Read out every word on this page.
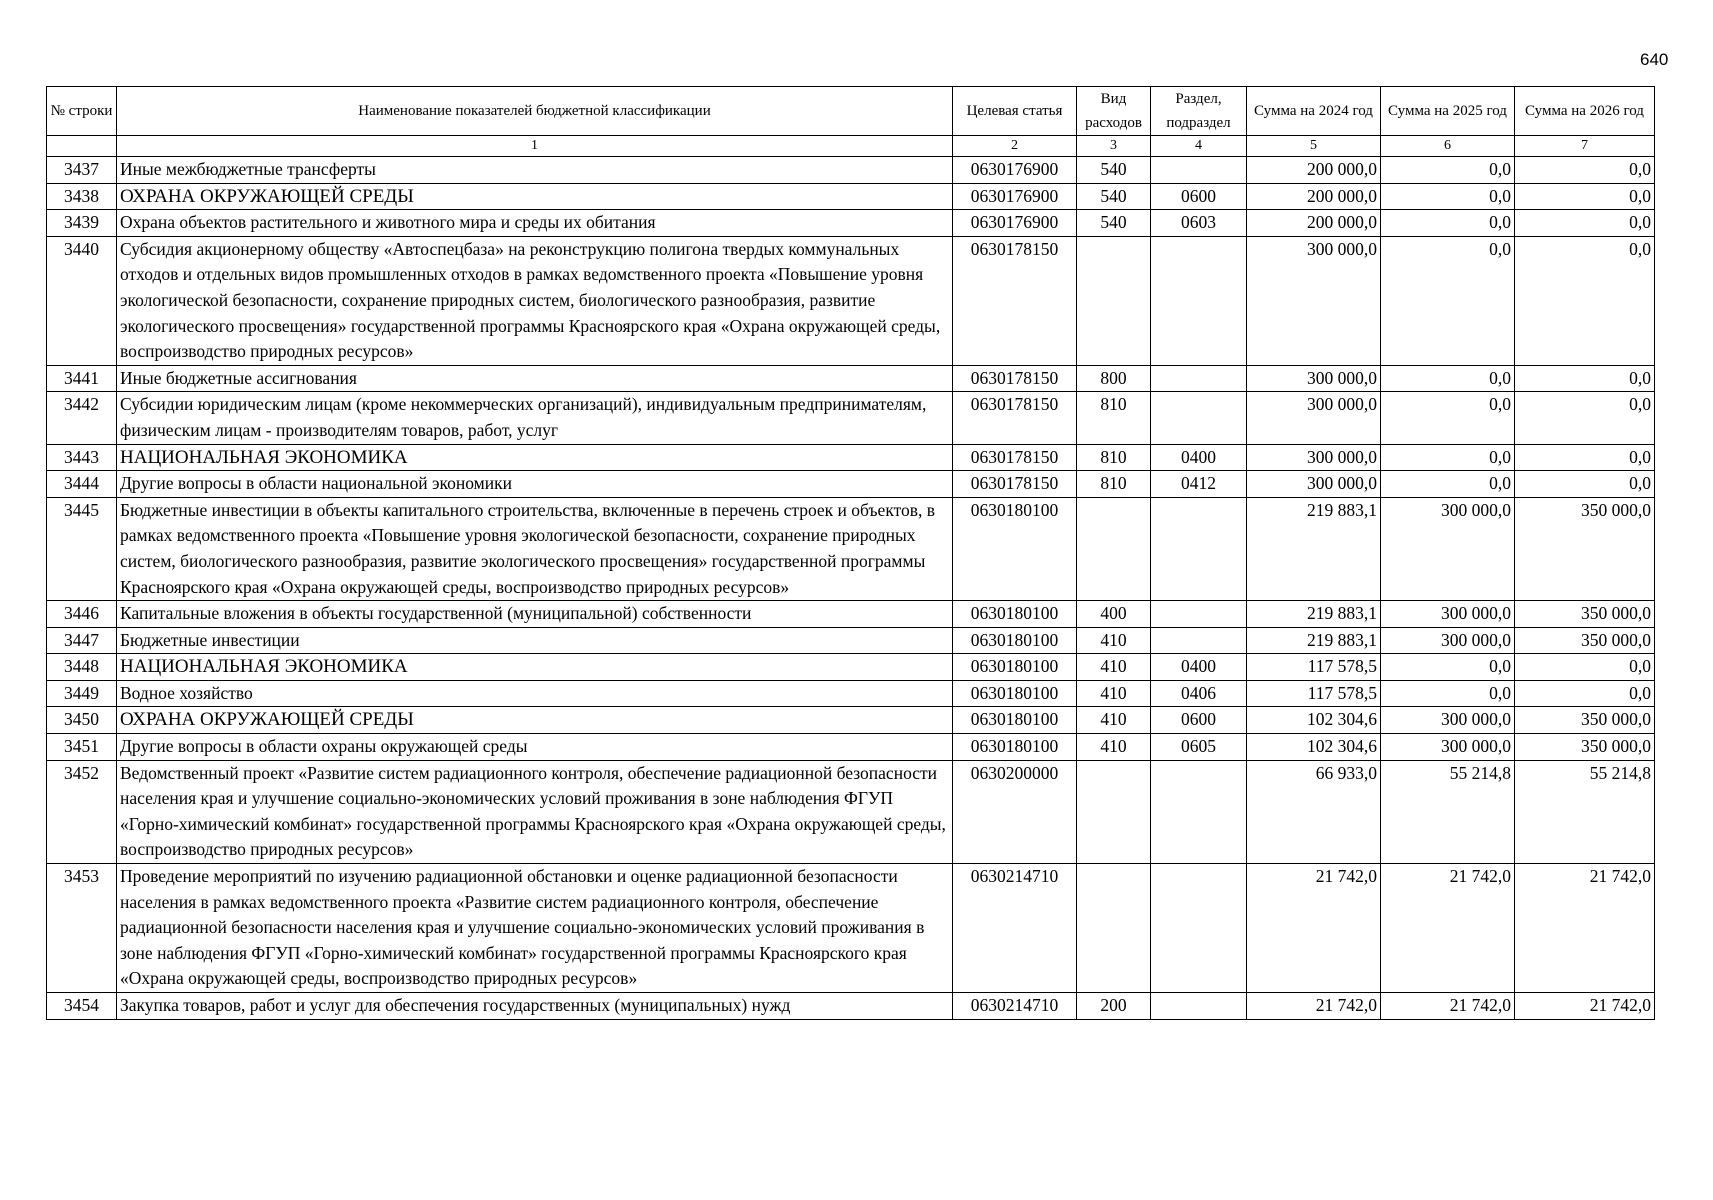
640
№ строки	Наименование показателей бюджетной классификации	Целевая статья	Вид расходов	Раздел, подраздел	Сумма на 2024 год	Сумма на 2025 год	Сумма на 2026 год
	1	2	3	4	5	6	7
3437	Иные межбюджетные трансферты	0630176900	540		200 000,0	0,0	0,0
3438	ОХРАНА ОКРУЖАЮЩЕЙ СРЕДЫ	0630176900	540	0600	200 000,0	0,0	0,0
3439	Охрана объектов растительного и животного мира и среды их обитания	0630176900	540	0603	200 000,0	0,0	0,0
3440	Субсидия акционерному обществу «Автоспецбаза» на реконструкцию полигона твердых коммунальных отходов и отдельных видов промышленных отходов в рамках ведомственного проекта «Повышение уровня экологической безопасности, сохранение природных систем, биологического разнообразия, развитие экологического просвещения» государственной программы Красноярского края «Охрана окружающей среды, воспроизводство природных ресурсов»	0630178150			300 000,0	0,0	0,0
3441	Иные бюджетные ассигнования	0630178150	800		300 000,0	0,0	0,0
3442	Субсидии юридическим лицам (кроме некоммерческих организаций), индивидуальным предпринимателям, физическим лицам - производителям товаров, работ, услуг	0630178150	810		300 000,0	0,0	0,0
3443	НАЦИОНАЛЬНАЯ ЭКОНОМИКА	0630178150	810	0400	300 000,0	0,0	0,0
3444	Другие вопросы в области национальной экономики	0630178150	810	0412	300 000,0	0,0	0,0
3445	Бюджетные инвестиции в объекты капитального строительства, включенные в перечень строек и объектов, в рамках ведомственного проекта «Повышение уровня экологической безопасности, сохранение природных систем, биологического разнообразия, развитие экологического просвещения» государственной программы Красноярского края «Охрана окружающей среды, воспроизводство природных ресурсов»	0630180100			219 883,1	300 000,0	350 000,0
3446	Капитальные вложения в объекты государственной (муниципальной) собственности	0630180100	400		219 883,1	300 000,0	350 000,0
3447	Бюджетные инвестиции	0630180100	410		219 883,1	300 000,0	350 000,0
3448	НАЦИОНАЛЬНАЯ ЭКОНОМИКА	0630180100	410	0400	117 578,5	0,0	0,0
3449	Водное хозяйство	0630180100	410	0406	117 578,5	0,0	0,0
3450	ОХРАНА ОКРУЖАЮЩЕЙ СРЕДЫ	0630180100	410	0600	102 304,6	300 000,0	350 000,0
3451	Другие вопросы в области охраны окружающей среды	0630180100	410	0605	102 304,6	300 000,0	350 000,0
3452	Ведомственный проект «Развитие систем радиационного контроля, обеспечение радиационной безопасности населения края и улучшение социально-экономических условий проживания в зоне наблюдения ФГУП «Горно-химический комбинат» государственной программы Красноярского края «Охрана окружающей среды, воспроизводство природных ресурсов»	0630200000			66 933,0	55 214,8	55 214,8
3453	Проведение мероприятий по изучению радиационной обстановки и оценке радиационной безопасности населения в рамках ведомственного проекта «Развитие систем радиационного контроля, обеспечение радиационной безопасности населения края и улучшение социально-экономических условий проживания в зоне наблюдения ФГУП «Горно-химический комбинат» государственной программы Красноярского края «Охрана окружающей среды, воспроизводство природных ресурсов»	0630214710			21 742,0	21 742,0	21 742,0
3454	Закупка товаров, работ и услуг для обеспечения государственных (муниципальных) нужд	0630214710	200		21 742,0	21 742,0	21 742,0
